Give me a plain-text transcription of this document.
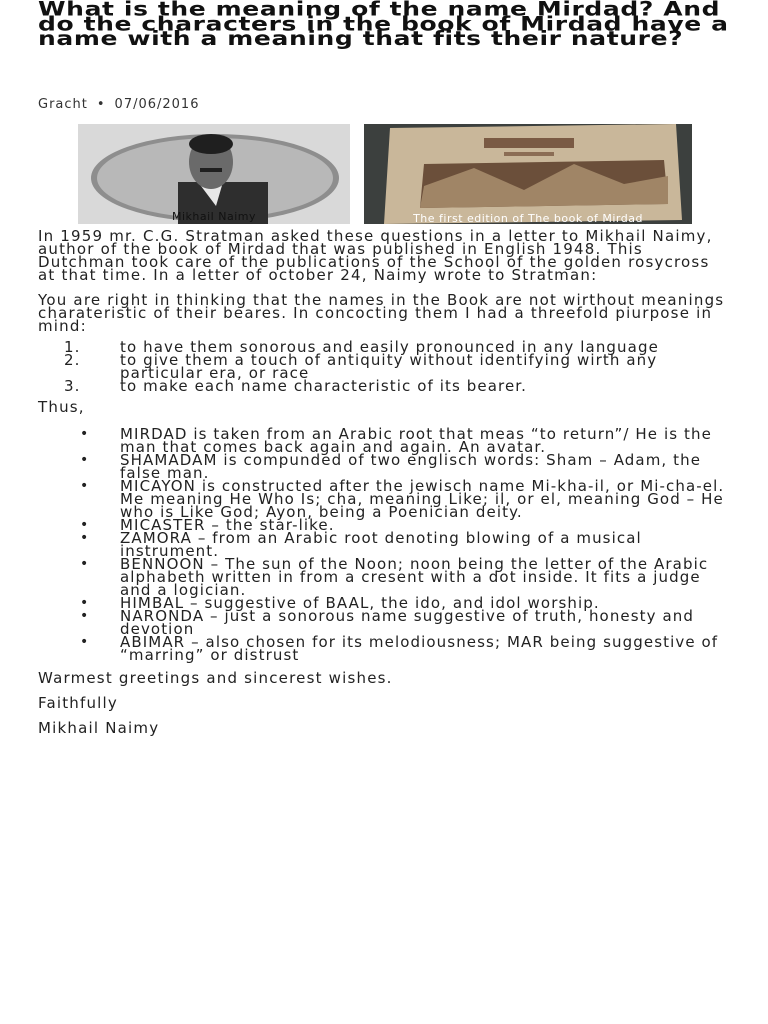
What is the meaning of the name Mirdad? And do the characters in the book of Mirdad have a name with a meaning that fits their nature?
Gracht • 07/06/2016
Mikhail Naimy	The first edition of The book of Mirdad

In 1959 mr. C.G. Stratman asked these questions in a letter to Mikhail Naimy, author of the book of Mirdad that was published in English 1948. This Dutchman took care of the publications of the School of the golden rosycross at that time. In a letter of october 24, Naimy wrote to Stratman:

You are right in thinking that the names in the Book are not wirthout meanings charateristic of their beares. In concocting them I had a threefold piurpose in mind:

1.	to have them sonorous and easily pronounced in any language
2.	to give them a touch of antiquity without identifying wirth any particular era, or race
3.	to make each name characteristic of its bearer.

Thus,

• MIRDAD is taken from an Arabic root that meas “to return”/ He is the man that comes back again and again. An avatar.
• SHAMADAM is compunded of two englisch words: Sham – Adam, the false man.
• MICAYON is constructed after the jewisch name Mi-kha-il, or Mi-cha-el. Me meaning He Who Is; cha, meaning Like; il, or el, meaning God – He who is Like God; Ayon, being a Poenician deity.
• MICASTER – the star-like.
• ZAMORA – from an Arabic root denoting blowing of a musical instrument.
• BENNOON – The sun of the Noon; noon being the letter of the Arabic alphabeth written in from a cresent with a dot inside. It fits a judge and a logician.
• HIMBAL – suggestive of BAAL, the ido, and idol worship.
• NARONDA – just a sonorous name suggestive of truth, honesty and devotion
• ABIMAR – also chosen for its melodiousness; MAR being suggestive of “marring” or distrust

Warmest greetings and sincerest wishes.

Faithfully

Mikhail Naimy
